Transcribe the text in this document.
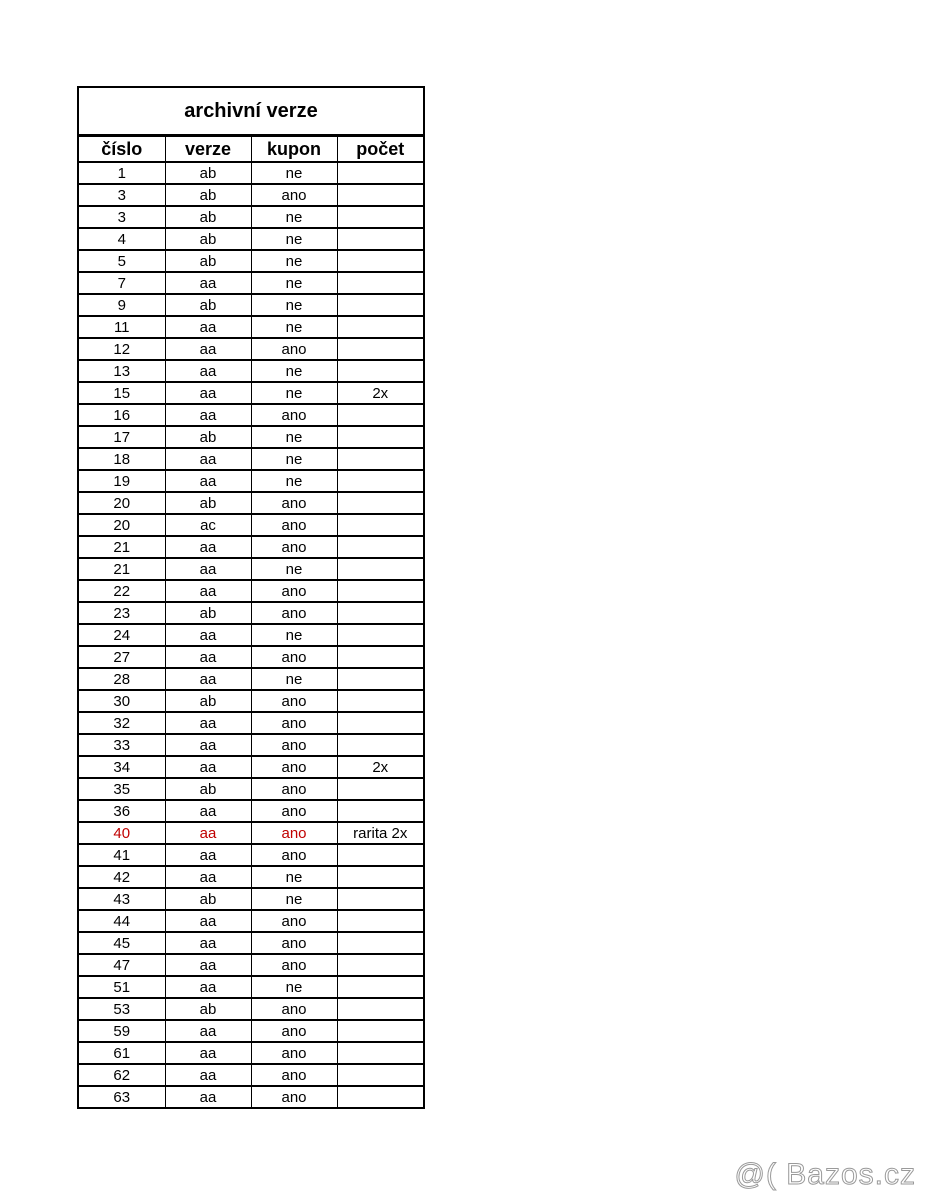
archivní verze
číslo	verze	kupon	počet
1	ab	ne	
3	ab	ano	
3	ab	ne	
4	ab	ne	
5	ab	ne	
7	aa	ne	
9	ab	ne	
11	aa	ne	
12	aa	ano	
13	aa	ne	
15	aa	ne	2x
16	aa	ano	
17	ab	ne	
18	aa	ne	
19	aa	ne	
20	ab	ano	
20	ac	ano	
21	aa	ano	
21	aa	ne	
22	aa	ano	
23	ab	ano	
24	aa	ne	
27	aa	ano	
28	aa	ne	
30	ab	ano	
32	aa	ano	
33	aa	ano	
34	aa	ano	2x
35	ab	ano	
36	aa	ano	
40	aa	ano	rarita 2x
41	aa	ano	
42	aa	ne	
43	ab	ne	
44	aa	ano	
45	aa	ano	
47	aa	ano	
51	aa	ne	
53	ab	ano	
59	aa	ano	
61	aa	ano	
62	aa	ano	
63	aa	ano	
@( Bazos.cz
